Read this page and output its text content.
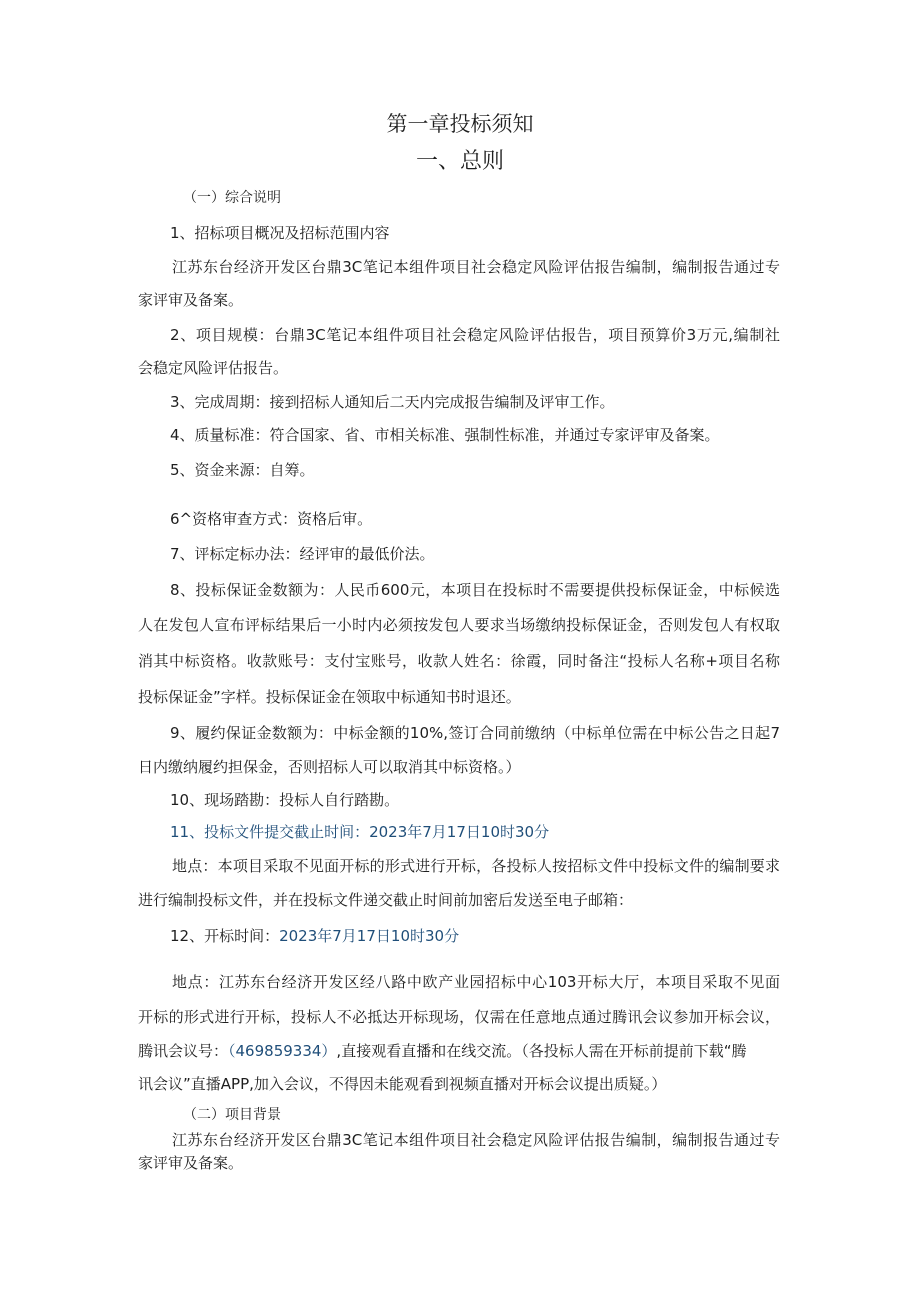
第一章投标须知
一、总则
（一）综合说明
1、招标项目概况及招标范围内容
江苏东台经济开发区台鼎3C笔记本组件项目社会稳定风险评估报告编制，编制报告通过专
家评审及备案。
2、项目规模：台鼎3C笔记本组件项目社会稳定风险评估报告，项目预算价3万元,编制社
会稳定风险评估报告。
3、完成周期：接到招标人通知后二天内完成报告编制及评审工作。
4、质量标准：符合国家、省、市相关标准、强制性标准，并通过专家评审及备案。
5、资金来源：自筹。
6^资格审查方式：资格后审。
7、评标定标办法：经评审的最低价法。
8、投标保证金数额为：人民币600元，本项目在投标时不需要提供投标保证金，中标候选
人在发包人宣布评标结果后一小时内必须按发包人要求当场缴纳投标保证金，否则发包人有权取
消其中标资格。收款账号：支付宝账号，收款人姓名：徐霞，同时备注“投标人名称+项目名称
投标保证金”字样。投标保证金在领取中标通知书时退还。
9、履约保证金数额为：中标金额的10%,签订合同前缴纳（中标单位需在中标公告之日起7
日内缴纳履约担保金，否则招标人可以取消其中标资格。）
10、现场踏勘：投标人自行踏勘。
11、投标文件提交截止时间：2023年7月17日10时30分
地点：本项目采取不见面开标的形式进行开标，各投标人按招标文件中投标文件的编制要求
进行编制投标文件，并在投标文件递交截止时间前加密后发送至电子邮箱：
12、开标时间：2023年7月17日10时30分
地点：江苏东台经济开发区经八路中欧产业园招标中心103开标大厅，本项目采取不见面
开标的形式进行开标，投标人不必抵达开标现场，仅需在任意地点通过腾讯会议参加开标会议，
腾讯会议号：（469859334）,直接观看直播和在线交流。（各投标人需在开标前提前下载“腾
讯会议”直播APP,加入会议，不得因未能观看到视频直播对开标会议提出质疑。）
（二）项目背景
江苏东台经济开发区台鼎3C笔记本组件项目社会稳定风险评估报告编制，编制报告通过专
家评审及备案。
